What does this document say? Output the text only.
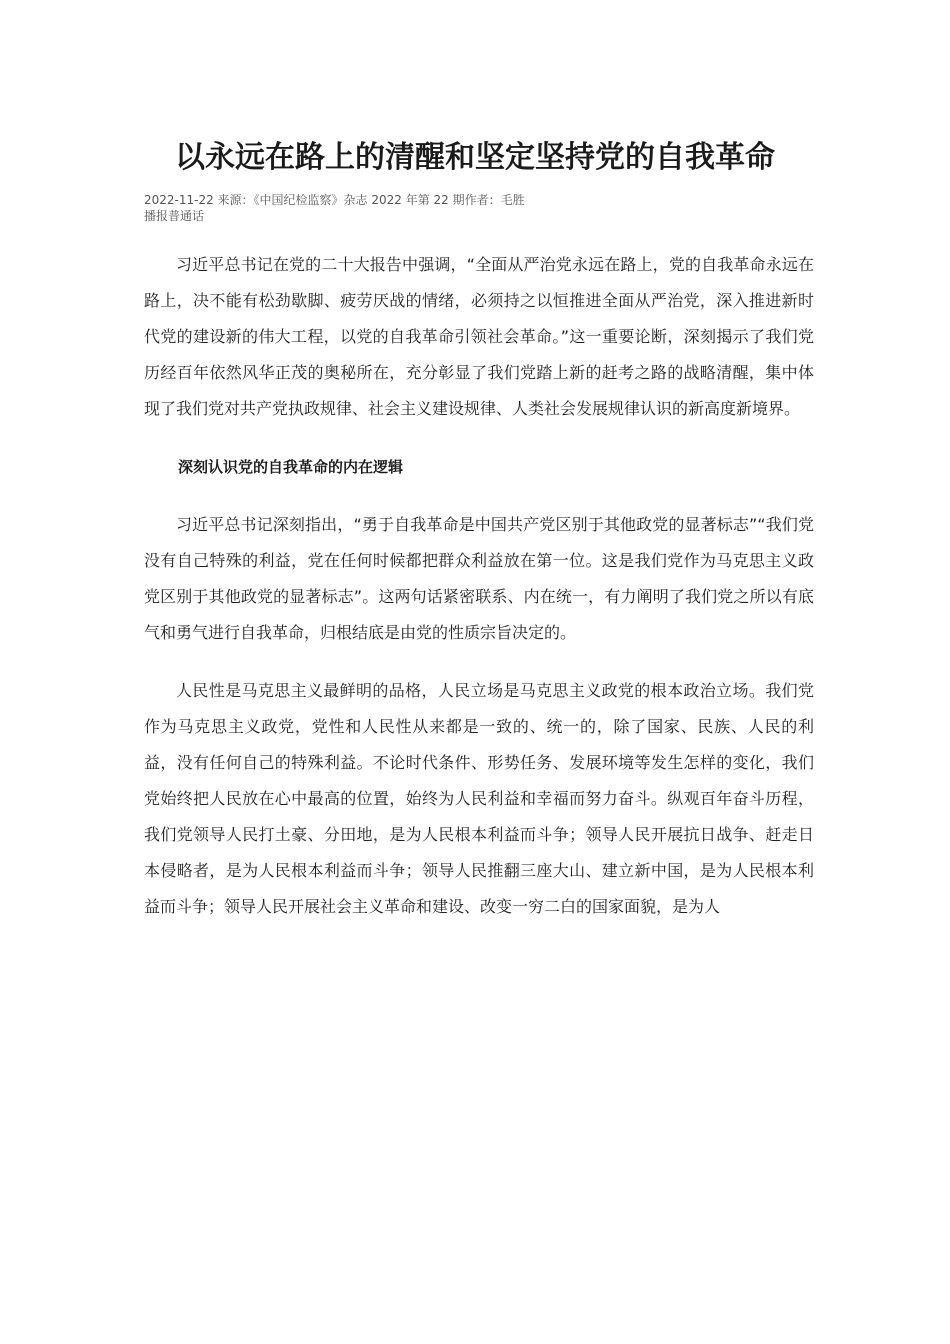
以永远在路上的清醒和坚定坚持党的自我革命
2022-11-22 来源：《中国纪检监察》杂志 2022 年第 22 期作者：毛胜
播报普通话

习近平总书记在党的二十大报告中强调，“全面从严治党永远在路上，党的自我革命永远在路上，决不能有松劲歇脚、疲劳厌战的情绪，必须持之以恒推进全面从严治党，深入推进新时代党的建设新的伟大工程，以党的自我革命引领社会革命。”这一重要论断，深刻揭示了我们党历经百年依然风华正茂的奥秘所在，充分彰显了我们党踏上新的赶考之路的战略清醒，集中体现了我们党对共产党执政规律、社会主义建设规律、人类社会发展规律认识的新高度新境界。

深刻认识党的自我革命的内在逻辑

习近平总书记深刻指出，“勇于自我革命是中国共产党区别于其他政党的显著标志”“我们党没有自己特殊的利益，党在任何时候都把群众利益放在第一位。这是我们党作为马克思主义政党区别于其他政党的显著标志”。这两句话紧密联系、内在统一，有力阐明了我们党之所以有底气和勇气进行自我革命，归根结底是由党的性质宗旨决定的。

人民性是马克思主义最鲜明的品格，人民立场是马克思主义政党的根本政治立场。我们党作为马克思主义政党，党性和人民性从来都是一致的、统一的，除了国家、民族、人民的利益，没有任何自己的特殊利益。不论时代条件、形势任务、发展环境等发生怎样的变化，我们党始终把人民放在心中最高的位置，始终为人民利益和幸福而努力奋斗。纵观百年奋斗历程，我们党领导人民打土豪、分田地，是为人民根本利益而斗争；领导人民开展抗日战争、赶走日本侵略者，是为人民根本利益而斗争；领导人民推翻三座大山、建立新中国，是为人民根本利益而斗争；领导人民开展社会主义革命和建设、改变一穷二白的国家面貌，是为人
